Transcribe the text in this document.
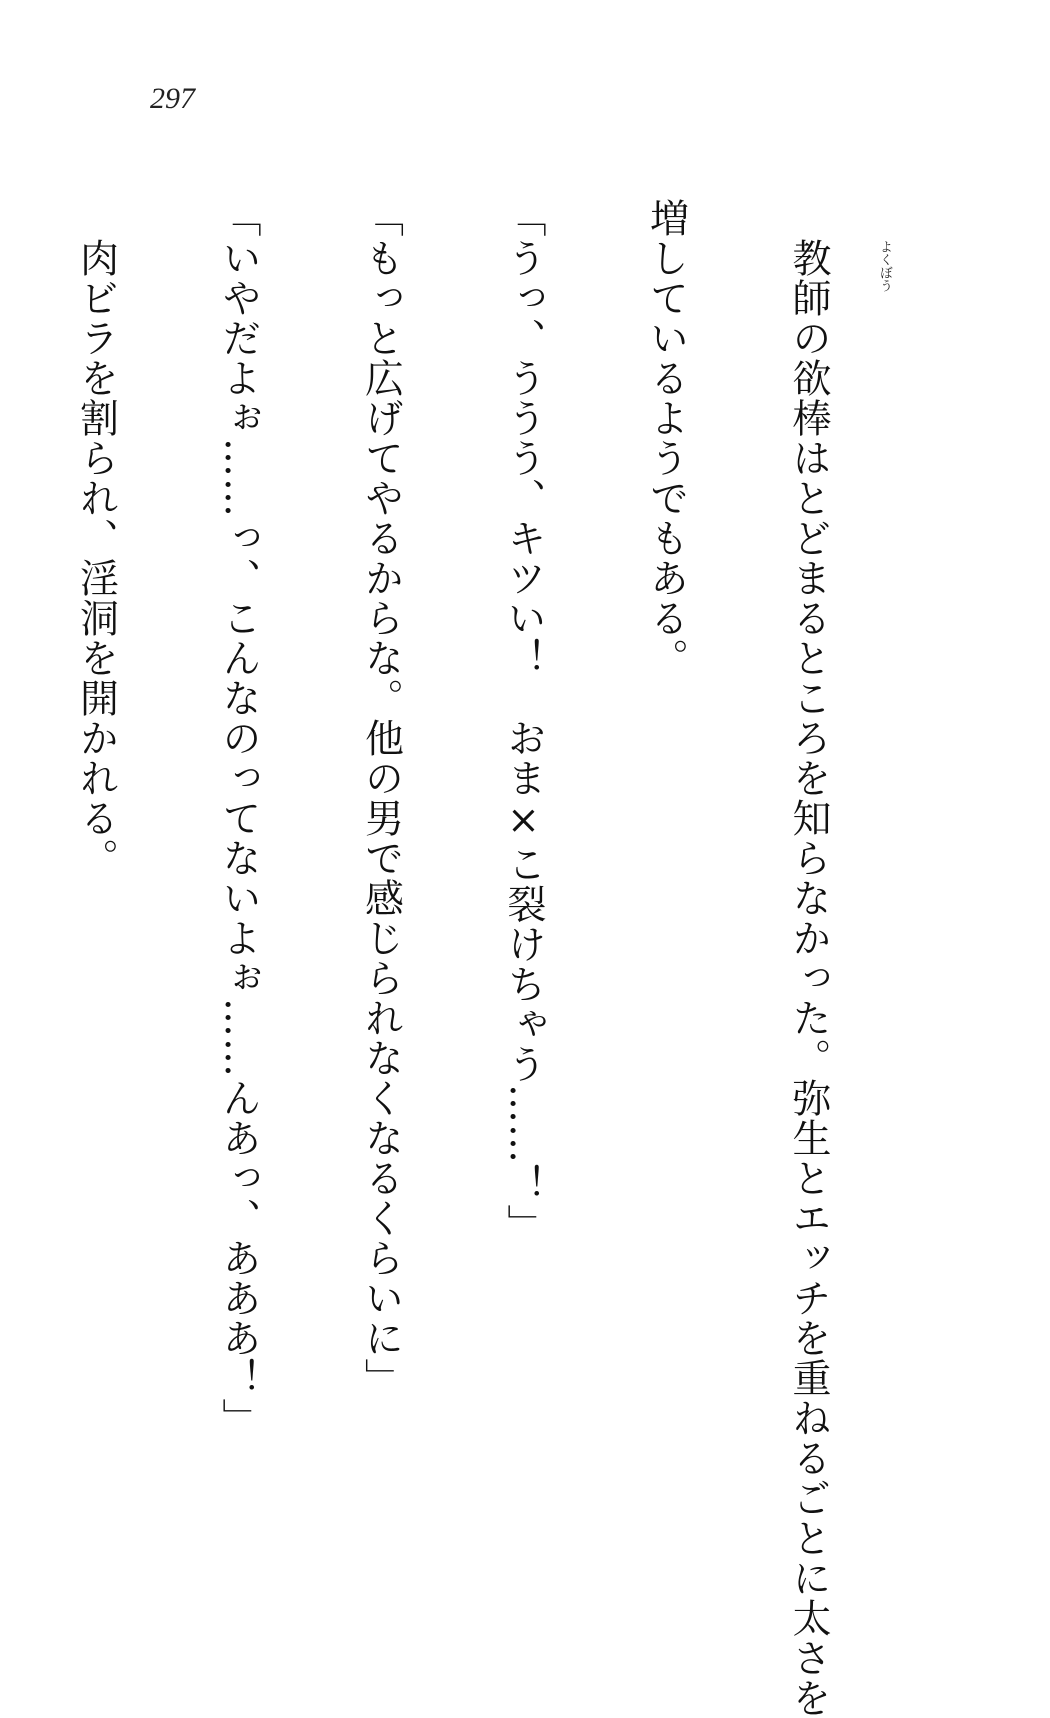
297
よくぼう

　教師の欲棒はとどまるところを知らなかった。弥生とエッチを重ねるごとに太さを

増しているようでもある。

「うっ、ううう、キツい！　おま×こ裂けちゃう……！」

「もっと広げてやるからな。他の男で感じられなくなるくらいに」

「いやだよぉ……っ、こんなのってないよぉ……んあっ、あああ！」

　肉ビラを割られ、淫洞を開かれる。
